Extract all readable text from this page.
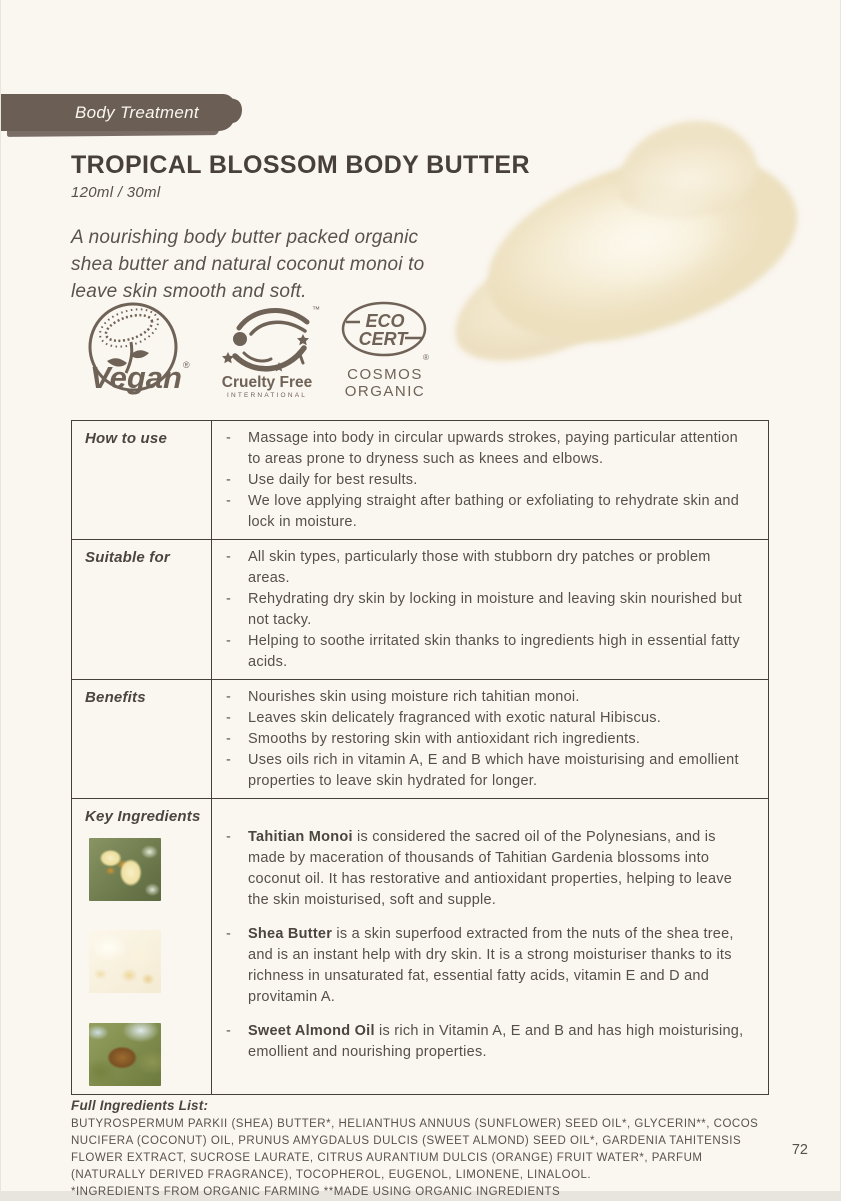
Body Treatment
TROPICAL BLOSSOM BODY BUTTER
120ml / 30ml

A nourishing body butter packed organic
shea butter and natural coconut monoi to
leave skin smooth and soft.

Vegan ®
™
Cruelty Free
INTERNATIONAL
ECO
CERT
®
COSMOS
ORGANIC
How to use	- Massage into body in circular upwards strokes, paying particular attention to areas prone to dryness such as knees and elbows.
- Use daily for best results.
- We love applying straight after bathing or exfoliating to rehydrate skin and lock in moisture.
Suitable for	- All skin types, particularly those with stubborn dry patches or problem areas.
- Rehydrating dry skin by locking in moisture and leaving skin nourished but not tacky.
- Helping to soothe irritated skin thanks to ingredients high in essential fatty acids.
Benefits	- Nourishes skin using moisture rich tahitian monoi.
- Leaves skin delicately fragranced with exotic natural Hibiscus.
- Smooths by restoring skin with antioxidant rich ingredients.
- Uses oils rich in vitamin A, E and B which have moisturising and emollient properties to leave skin hydrated for longer.
Key Ingredients

- Tahitian Monoi is considered the sacred oil of the Polynesians, and is made by maceration of thousands of Tahitian Gardenia blossoms into coconut oil. It has restorative and antioxidant properties, helping to leave the skin moisturised, soft and supple.

- Shea Butter is a skin superfood extracted from the nuts of the shea tree, and is an instant help with dry skin. It is a strong moisturiser thanks to its richness in unsaturated fat, essential fatty acids, vitamin E and D and provitamin A.

- Sweet Almond Oil is rich in Vitamin A, E and B and has high moisturising, emollient and nourishing properties.

Full Ingredients List:
BUTYROSPERMUM PARKII (SHEA) BUTTER*, HELIANTHUS ANNUUS (SUNFLOWER) SEED OIL*, GLYCERIN**, COCOS NUCIFERA (COCONUT) OIL, PRUNUS AMYGDALUS DULCIS (SWEET ALMOND) SEED OIL*, GARDENIA TAHITENSIS FLOWER EXTRACT, SUCROSE LAURATE, CITRUS AURANTIUM DULCIS (ORANGE) FRUIT WATER*, PARFUM (NATURALLY DERIVED FRAGRANCE), TOCOPHEROL, EUGENOL, LIMONENE, LINALOOL.
*INGREDIENTS FROM ORGANIC FARMING **MADE USING ORGANIC INGREDIENTS
72
